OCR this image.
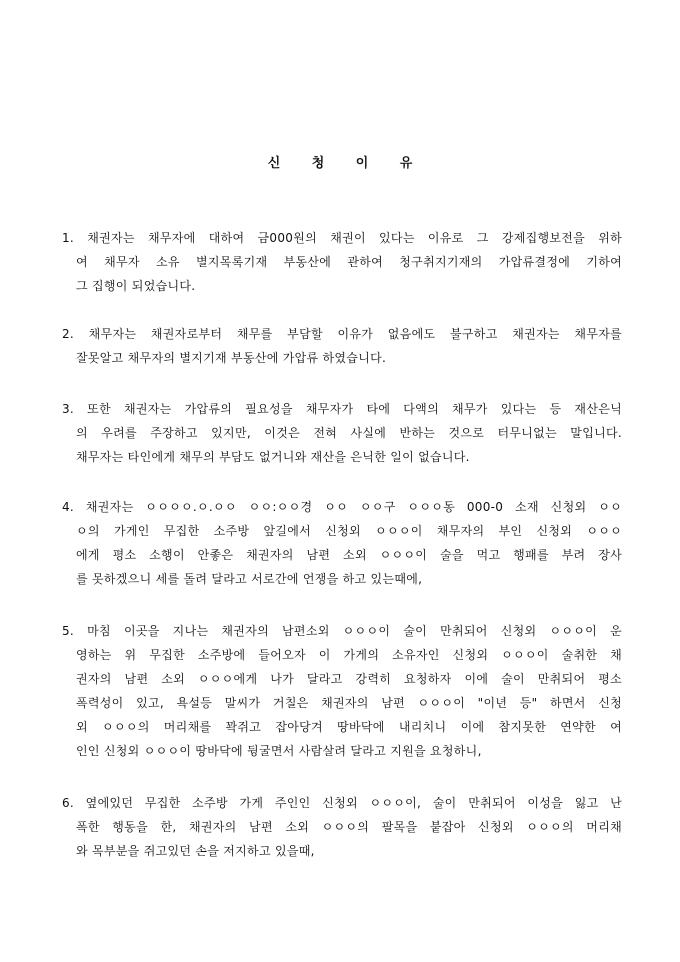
신 청 이 유
1. 채권자는 채무자에 대하여 금000원의 채권이 있다는 이유로 그 강제집행보전을 위하
여 채무자 소유 별지목록기재 부동산에 관하여 청구취지기재의 가압류결정에 기하여
그 집행이 되었습니다.
2. 채무자는 채권자로부터 채무를 부담할 이유가 없음에도 불구하고 채권자는 채무자를
잘못알고 채무자의 별지기재 부동산에 가압류 하였습니다.
3. 또한 채권자는 가압류의 필요성을 채무자가 타에 다액의 채무가 있다는 등 재산은닉
의 우려를 주장하고 있지만, 이것은 전혀 사실에 반하는 것으로 터무니없는 말입니다.
채무자는 타인에게 채무의 부담도 없거니와 재산을 은닉한 일이 없습니다.
4. 채권자는 ㅇㅇㅇㅇ.ㅇ.ㅇㅇ ㅇㅇ:ㅇㅇ경 ㅇㅇ ㅇㅇ구 ㅇㅇㅇ동 000-0 소재 신청외 ㅇㅇ
ㅇ의 가게인 무집한 소주방 앞길에서 신청외 ㅇㅇㅇ이 채무자의 부인 신청외 ㅇㅇㅇ
에게 평소 소행이 안좋은 채권자의 남편 소외 ㅇㅇㅇ이 술을 먹고 행패를 부려 장사
를 못하겠으니 세를 돌려 달라고 서로간에 언쟁을 하고 있는때에,
5. 마침 이곳을 지나는 채권자의 남편소외 ㅇㅇㅇ이 술이 만취되어 신청외 ㅇㅇㅇ이 운
영하는 위 무집한 소주방에 들어오자 이 가게의 소유자인 신청외 ㅇㅇㅇ이 술취한 채
권자의 남편 소외 ㅇㅇㅇ에게 나가 달라고 강력히 요청하자 이에 술이 만취되어 평소
폭력성이 있고, 욕설등 말씨가 거칠은 채권자의 남편 ㅇㅇㅇ이 "이년 등" 하면서 신청
외 ㅇㅇㅇ의 머리채를 꽉쥐고 잡아당겨 땅바닥에 내리치니 이에 참지못한 연약한 여
인인 신청외 ㅇㅇㅇ이 땅바닥에 뒹굴면서 사람살려 달라고 지원을 요청하니,
6. 옆에있던 무집한 소주방 가게 주인인 신청외 ㅇㅇㅇ이, 술이 만취되어 이성을 잃고 난
폭한 행동을 한, 채권자의 남편 소외 ㅇㅇㅇ의 팔목을 붙잡아 신청외 ㅇㅇㅇ의 머리채
와 목부분을 쥐고있던 손을 저지하고 있을때,
